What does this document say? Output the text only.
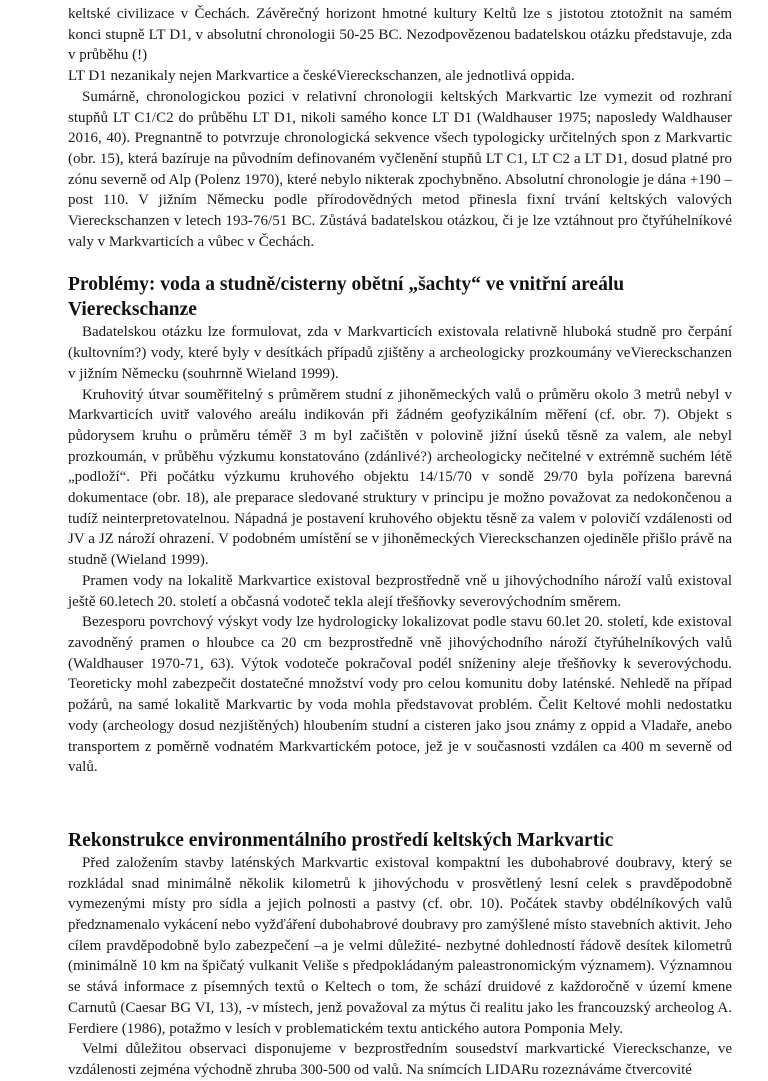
keltské civilizace v Čechách. Závěrečný horizont hmotné kultury Keltů lze s jistotou ztotožnit na samém konci stupně LT D1, v absolutní chronologii 50-25 BC. Nezodpovězenou badatelskou otázku představuje, zda v průběhu (!)

LT D1 nezanikaly nejen Markvartice a českéViereckschanzen, ale jednotlivá oppida.

Sumárně, chronologickou pozici v relativní chronologii keltských Markvartic lze vymezit od rozhraní stupňů LT C1/C2 do průběhu LT D1, nikoli samého konce LT D1 (Waldhauser 1975; naposledy Waldhauser 2016, 40). Pregnantně to potvrzuje chronologická sekvence všech typologicky určitelných spon z Markvartic (obr. 15), která bazíruje na původním definovaném vyčlenění stupňů LT C1, LT C2 a LT D1, dosud platné pro zónu severně od Alp (Polenz 1970), které nebylo nikterak zpochybněno. Absolutní chronologie je dána +190 – post 110. V jižním Německu podle přírodovědných metod přinesla fixní trvání keltských valových Viereckschanzen v letech 193-76/51 BC. Zůstává badatelskou otázkou, či je lze vztáhnout pro čtyřúhelníkové valy v Markvarticích a vůbec v Čechách.

Problémy: voda a studně/cisterny obětní „šachty“ ve vnitřní areálu Viereckschanze

Badatelskou otázku lze formulovat, zda v Markvarticích existovala relativně hluboká studně pro čerpání (kultovním?) vody, které byly v desítkách případů zjištěny a archeologicky prozkoumány veViereckschanzen v jižním Německu (souhrnně Wieland 1999).

Kruhovitý útvar souměřitelný s průměrem studní z jihoněmeckých valů o průměru okolo 3 metrů nebyl v Markvarticích uvitř valového areálu indikován při žádném geofyzikálním měření (cf. obr. 7). Objekt s půdorysem kruhu o průměru téměř 3 m byl začištěn v polovině jižní úseků těsně za valem, ale nebyl prozkoumán, v průběhu výzkumu konstatováno (zdánlivé?) archeologicky nečitelné v extrémně suchém létě „podloží“. Při počátku výzkumu kruhového objektu 14/15/70 v sondě 29/70 byla pořízena barevná dokumentace (obr. 18), ale preparace sledované struktury v principu je možno považovat za nedokončenou a tudíž neinterpretovatelnou. Nápadná je postavení kruhového objektu těsně za valem v polovičí vzdálenosti od JV a JZ nároží ohrazení. V podobném umístění se v jihoněmeckých Viereckschanzen ojediněle přišlo právě na studně (Wieland 1999).

Pramen vody na lokalitě Markvartice existoval bezprostředně vně u jihovýchodního nároží valů existoval ještě 60.letech 20. století a občasná vodoteč tekla alejí třešňovky severovýchodním směrem.

Bezesporu povrchový výskyt vody lze hydrologicky lokalizovat podle stavu 60.let 20. století, kde existoval zavodněný pramen o hloubce ca 20 cm bezprostředně vně jihovýchodního nároží čtyřúhelníkových valů (Waldhauser 1970-71, 63). Výtok vodoteče pokračoval podél sníženiny aleje třešňovky k severovýchodu. Teoreticky mohl zabezpečit dostatečné množství vody pro celou komunitu doby laténské. Nehledě na případ požárů, na samé lokalitě Markvartic by voda mohla představovat problém. Čelit Keltové mohli nedostatku vody (archeology dosud nezjištěných) hloubením studní a cisteren jako jsou známy z oppid a Vladaře, anebo transportem z poměrně vodnatém Markvartickém potoce, jež je v současnosti vzdálen ca 400 m severně od valů.

Rekonstrukce environmentálního prostředí keltských Markvartic

Před založením stavby laténských Markvartic existoval kompaktní les dubohabrové doubravy, který se rozkládal snad minimálně několik kilometrů k jihovýchodu v prosvětlený lesní celek s pravděpodobně vymezenými místy pro sídla a jejich polnosti a pastvy (cf. obr. 10). Počátek stavby obdélníkových valů předznamenalo vykácení nebo vyžďáření dubohabrové doubravy pro zamýšlené místo stavebních aktivit. Jeho cílem pravděpodobně bylo zabezpečení –a je velmi důležité- nezbytné dohledností řádově desítek kilometrů (minimálně 10 km na špičatý vulkanit Veliše s předpokládaným paleastronomickým významem). Významnou se stává informace z písemných textů o Keltech o tom, že schází druidové z každoročně v území kmene Carnutů (Caesar BG VI, 13), -v místech, jenž považoval za mýtus či realitu jako les francouzský archeolog A. Ferdiere (1986), potažmo v lesích v problematickém textu antického autora Pomponia Mely.

Velmi důležitou observaci disponujeme v bezprostředním sousedství markvartické Viereckschanze, ve vzdálenosti zejména východně zhruba 300-500 od valů. Na snímcích LIDARu rozeznáváme čtvercovité
